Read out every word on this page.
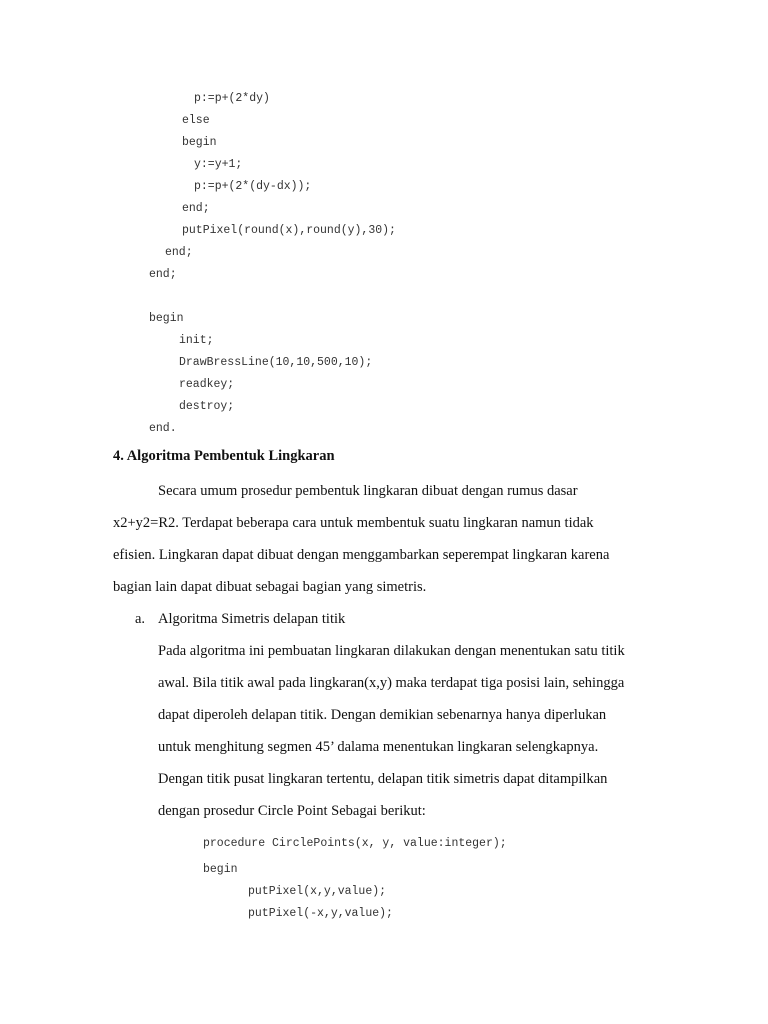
p:=p+(2*dy)
else
begin
y:=y+1;
p:=p+(2*(dy-dx));
end;
putPixel(round(x),round(y),30);
end;
end;
begin
init;
DrawBressLine(10,10,500,10);
readkey;
destroy;
end.
4. Algoritma Pembentuk Lingkaran
Secara umum prosedur pembentuk lingkaran dibuat dengan rumus dasar
x2+y2=R2. Terdapat beberapa cara untuk membentuk suatu lingkaran namun tidak
efisien. Lingkaran dapat dibuat dengan menggambarkan seperempat lingkaran karena
bagian lain dapat dibuat sebagai bagian yang simetris.
a. Algoritma Simetris delapan titik
Pada algoritma ini pembuatan lingkaran dilakukan dengan menentukan satu titik
awal. Bila titik awal pada lingkaran(x,y) maka terdapat tiga posisi lain, sehingga
dapat diperoleh delapan titik. Dengan demikian sebenarnya hanya diperlukan
untuk menghitung segmen 45’ dalama menentukan lingkaran selengkapnya.
Dengan titik pusat lingkaran tertentu, delapan titik simetris dapat ditampilkan
dengan prosedur Circle Point Sebagai berikut:
procedure CirclePoints(x, y, value:integer);
begin
putPixel(x,y,value);
putPixel(-x,y,value);
